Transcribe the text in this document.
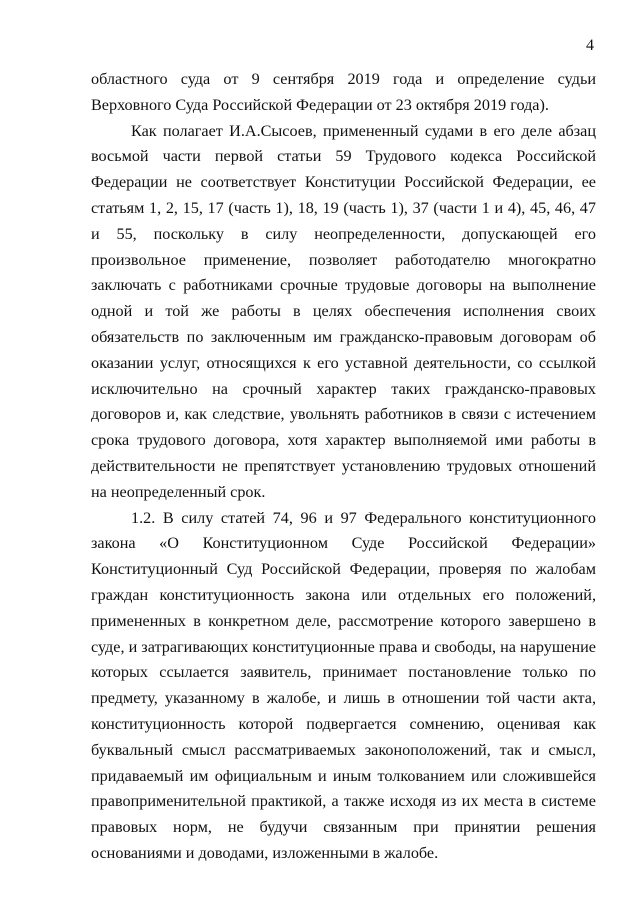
4

областного суда от 9 сентября 2019 года и определение судьи Верховного Суда Российской Федерации от 23 октября 2019 года).

Как полагает И.А.Сысоев, примененный судами в его деле абзац восьмой части первой статьи 59 Трудового кодекса Российской Федерации не соответствует Конституции Российской Федерации, ее статьям 1, 2, 15, 17 (часть 1), 18, 19 (часть 1), 37 (части 1 и 4), 45, 46, 47 и 55, поскольку в силу неопределенности, допускающей его произвольное применение, позволяет работодателю многократно заключать с работниками срочные трудовые договоры на выполнение одной и той же работы в целях обеспечения исполнения своих обязательств по заключенным им гражданско-правовым договорам об оказании услуг, относящихся к его уставной деятельности, со ссылкой исключительно на срочный характер таких гражданско-правовых договоров и, как следствие, увольнять работников в связи с истечением срока трудового договора, хотя характер выполняемой ими работы в действительности не препятствует установлению трудовых отношений на неопределенный срок.

1.2. В силу статей 74, 96 и 97 Федерального конституционного закона «О Конституционном Суде Российской Федерации» Конституционный Суд Российской Федерации, проверяя по жалобам граждан конституционность закона или отдельных его положений, примененных в конкретном деле, рассмотрение которого завершено в суде, и затрагивающих конституционные права и свободы, на нарушение которых ссылается заявитель, принимает постановление только по предмету, указанному в жалобе, и лишь в отношении той части акта, конституционность которой подвергается сомнению, оценивая как буквальный смысл рассматриваемых законоположений, так и смысл, придаваемый им официальным и иным толкованием или сложившейся правоприменительной практикой, а также исходя из их места в системе правовых норм, не будучи связанным при принятии решения основаниями и доводами, изложенными в жалобе.
